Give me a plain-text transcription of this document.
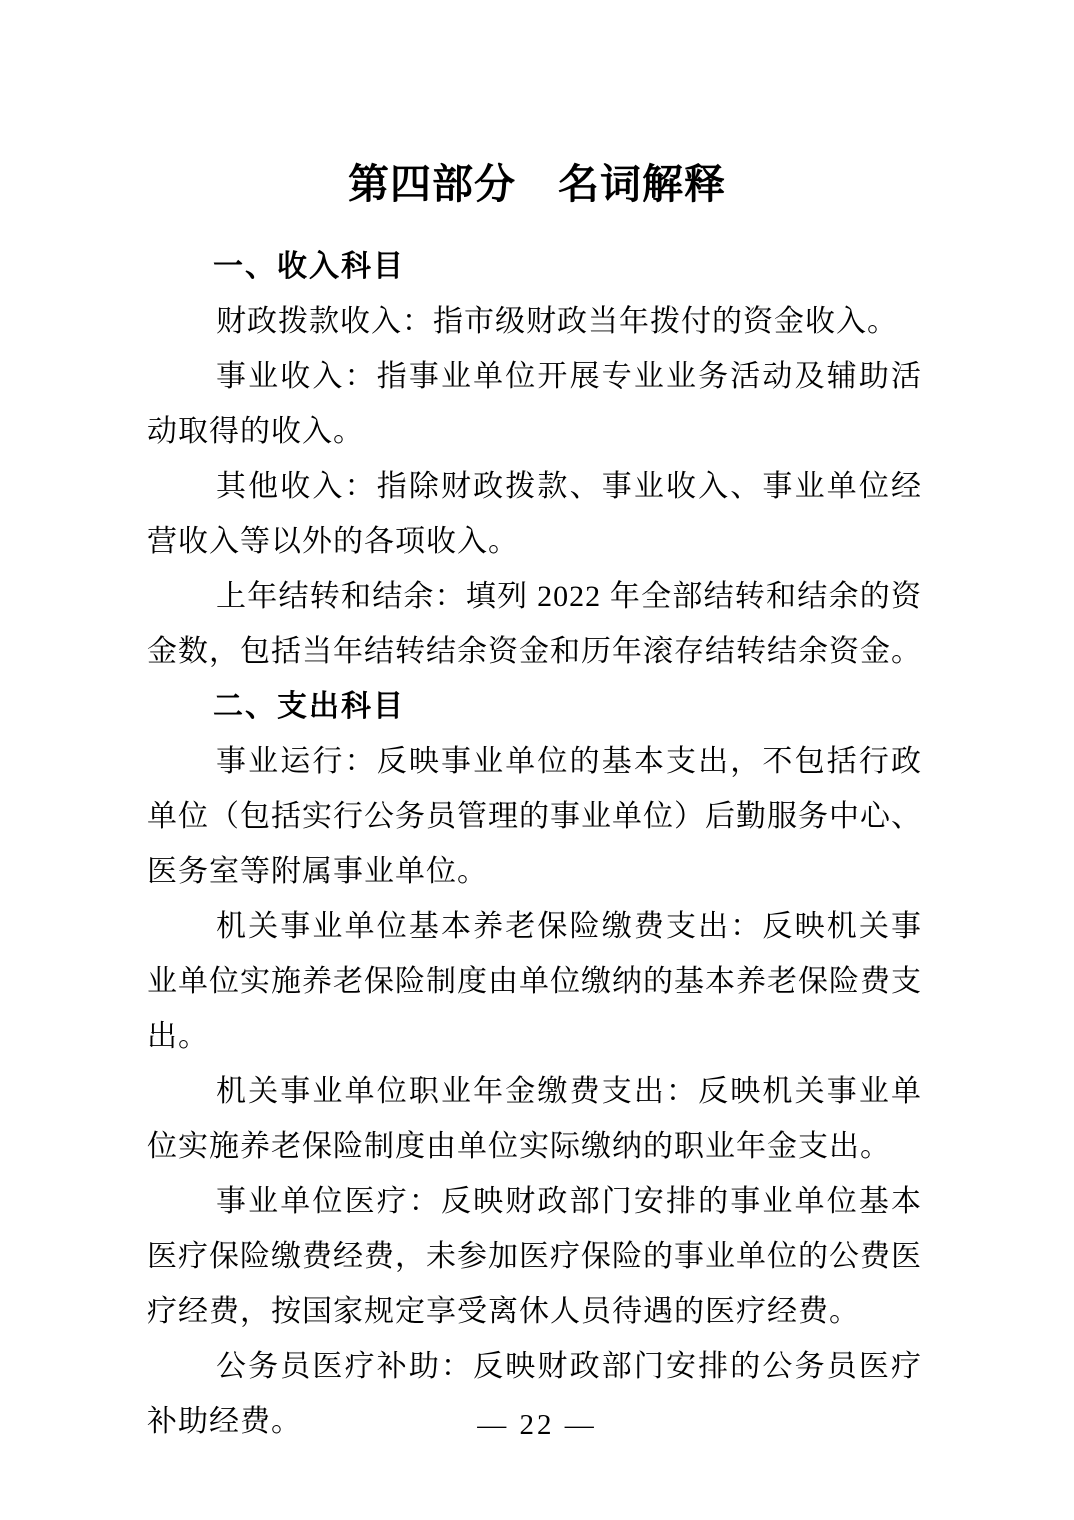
第四部分　名词解释
一、收入科目

财政拨款收入：指市级财政当年拨付的资金收入。

事业收入：指事业单位开展专业业务活动及辅助活动取得的收入。

其他收入：指除财政拨款、事业收入、事业单位经营收入等以外的各项收入。

上年结转和结余：填列 2022 年全部结转和结余的资金数，包括当年结转结余资金和历年滚存结转结余资金。

二、支出科目

事业运行：反映事业单位的基本支出，不包括行政单位（包括实行公务员管理的事业单位）后勤服务中心、医务室等附属事业单位。

机关事业单位基本养老保险缴费支出：反映机关事业单位实施养老保险制度由单位缴纳的基本养老保险费支出。

机关事业单位职业年金缴费支出：反映机关事业单位实施养老保险制度由单位实际缴纳的职业年金支出。

事业单位医疗：反映财政部门安排的事业单位基本医疗保险缴费经费，未参加医疗保险的事业单位的公费医疗经费，按国家规定享受离休人员待遇的医疗经费。

公务员医疗补助：反映财政部门安排的公务员医疗补助经费。	— 22 —
